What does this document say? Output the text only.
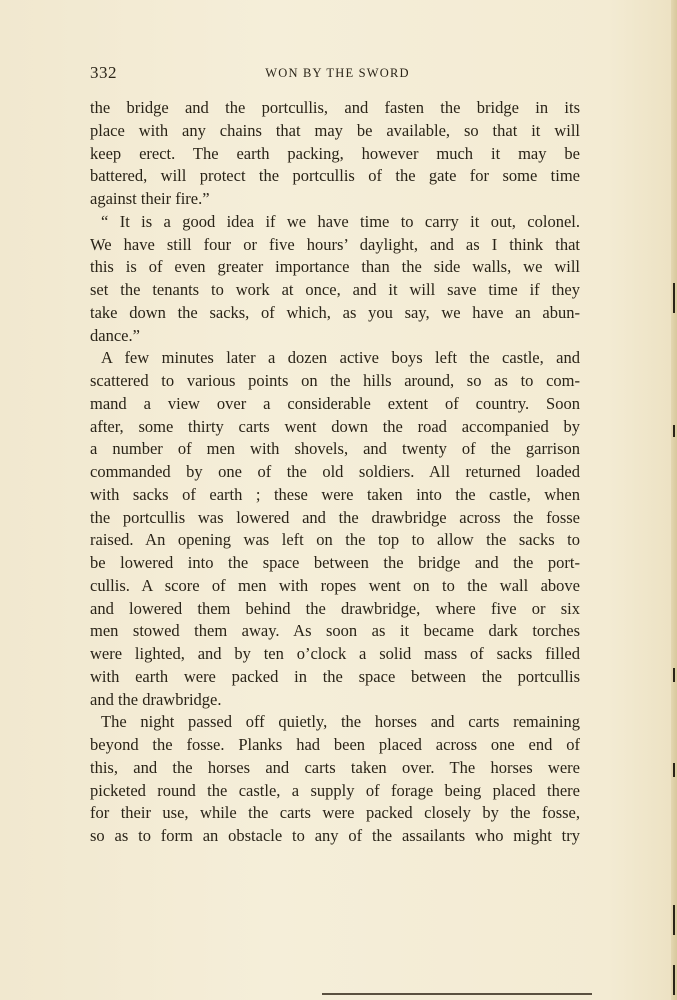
332	WON BY THE SWORD
the bridge and the portcullis, and fasten the bridge in its
place with any chains that may be available, so that it will
keep erect. The earth packing, however much it may be
battered, will protect the portcullis of the gate for some time
against their fire.”
“ It is a good idea if we have time to carry it out, colonel.
We have still four or five hours’ daylight, and as I think that
this is of even greater importance than the side walls, we will
set the tenants to work at once, and it will save time if they
take down the sacks, of which, as you say, we have an abun-
dance.”
A few minutes later a dozen active boys left the castle, and
scattered to various points on the hills around, so as to com-
mand a view over a considerable extent of country. Soon
after, some thirty carts went down the road accompanied by
a number of men with shovels, and twenty of the garrison
commanded by one of the old soldiers. All returned loaded
with sacks of earth ; these were taken into the castle, when
the portcullis was lowered and the drawbridge across the fosse
raised. An opening was left on the top to allow the sacks to
be lowered into the space between the bridge and the port-
cullis. A score of men with ropes went on to the wall above
and lowered them behind the drawbridge, where five or six
men stowed them away. As soon as it became dark torches
were lighted, and by ten o’clock a solid mass of sacks filled
with earth were packed in the space between the portcullis
and the drawbridge.
The night passed off quietly, the horses and carts remaining
beyond the fosse. Planks had been placed across one end of
this, and the horses and carts taken over. The horses were
picketed round the castle, a supply of forage being placed there
for their use, while the carts were packed closely by the fosse,
so as to form an obstacle to any of the assailants who might try
